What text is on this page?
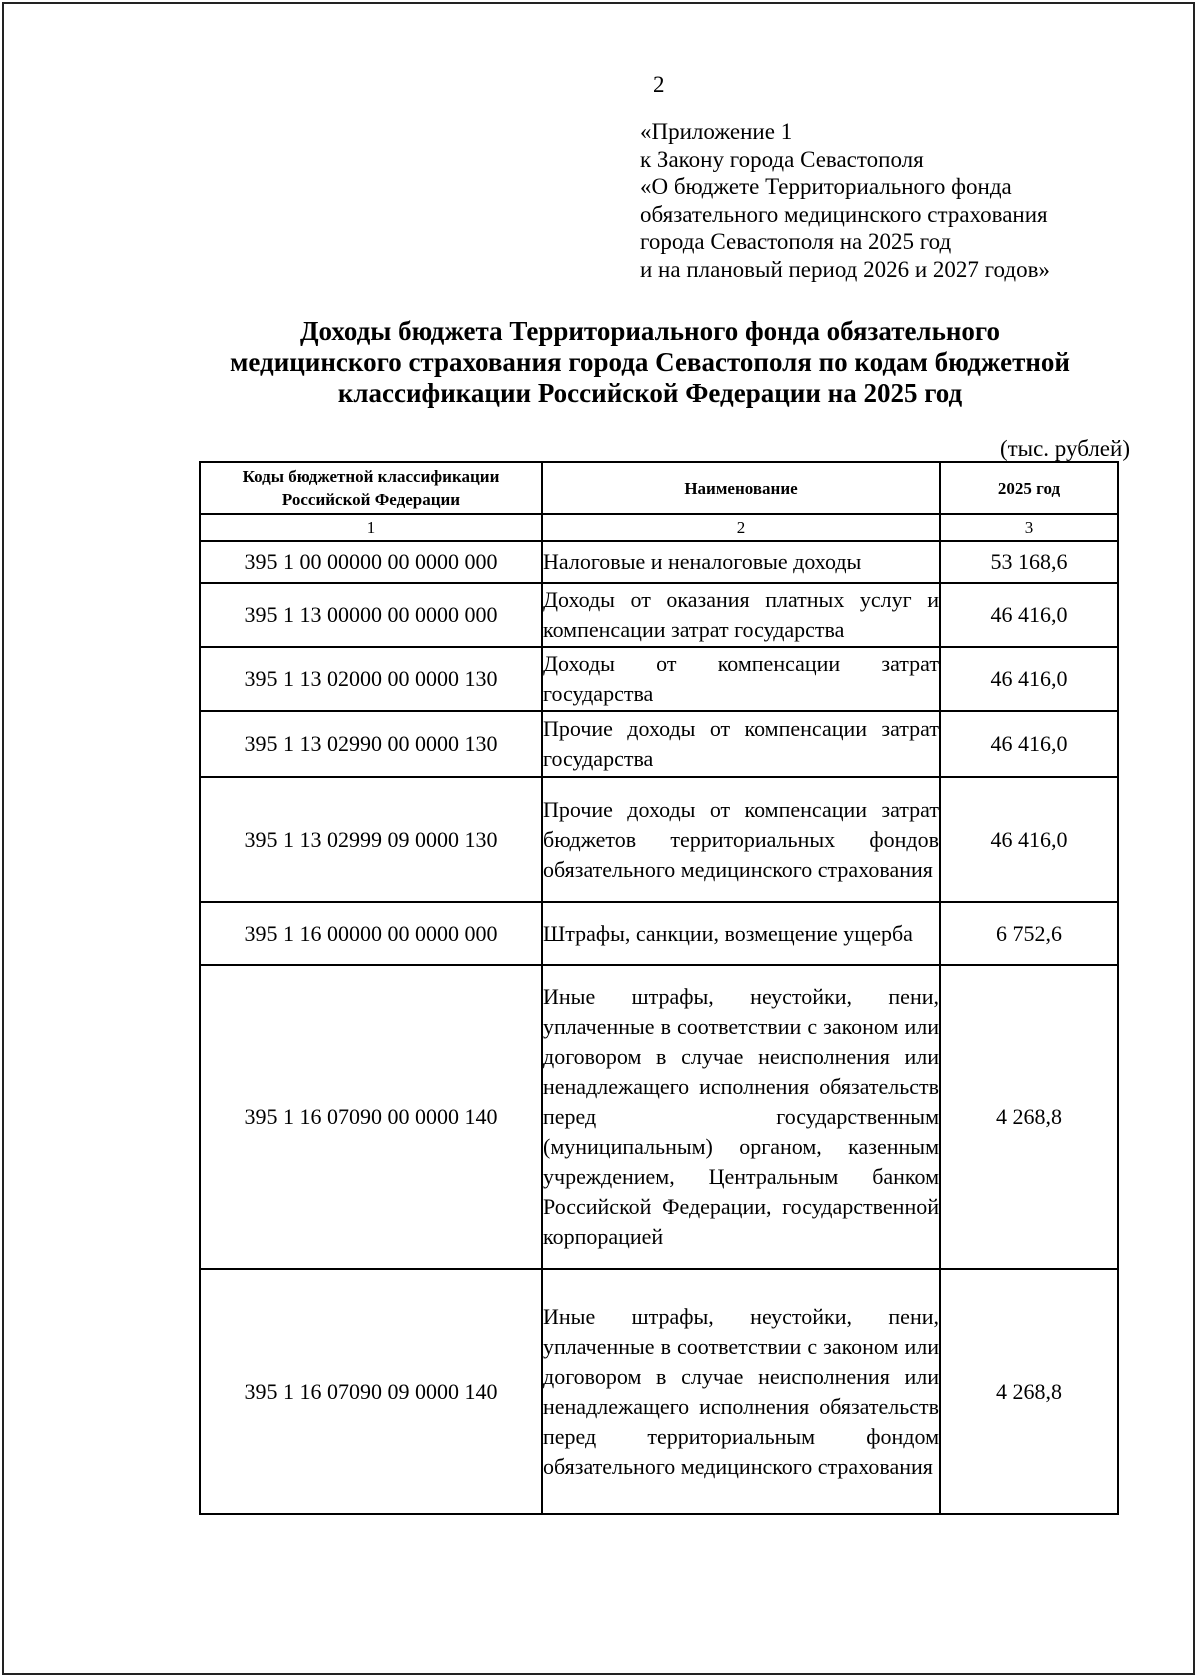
2
«Приложение 1
к Закону города Севастополя
«О бюджете Территориального фонда
обязательного медицинского страхования
города Севастополя на 2025 год
и на плановый период 2026 и 2027 годов»
Доходы бюджета Территориального фонда обязательного
медицинского страхования города Севастополя по кодам бюджетной
классификации Российской Федерации на 2025 год
(тыс. рублей)
Коды бюджетной классификации Российской Федерации	Наименование	2025 год
1	2	3
395 1 00 00000 00 0000 000	Налоговые и неналоговые доходы	53 168,6
395 1 13 00000 00 0000 000	Доходы от оказания платных услуг и компенсации затрат государства	46 416,0
395 1 13 02000 00 0000 130	Доходы от компенсации затрат государства	46 416,0
395 1 13 02990 00 0000 130	Прочие доходы от компенсации затрат государства	46 416,0
395 1 13 02999 09 0000 130	Прочие доходы от компенсации затрат бюджетов территориальных фондов обязательного медицинского страхования	46 416,0
395 1 16 00000 00 0000 000	Штрафы, санкции, возмещение ущерба	6 752,6
395 1 16 07090 00 0000 140	Иные штрафы, неустойки, пени, уплаченные в соответствии с законом или договором в случае неисполнения или ненадлежащего исполнения обязательств перед государственным (муниципальным) органом, казенным учреждением, Центральным банком Российской Федерации, государственной корпорацией	4 268,8
395 1 16 07090 09 0000 140	Иные штрафы, неустойки, пени, уплаченные в соответствии с законом или договором в случае неисполнения или ненадлежащего исполнения обязательств перед территориальным фондом обязательного медицинского страхования	4 268,8
